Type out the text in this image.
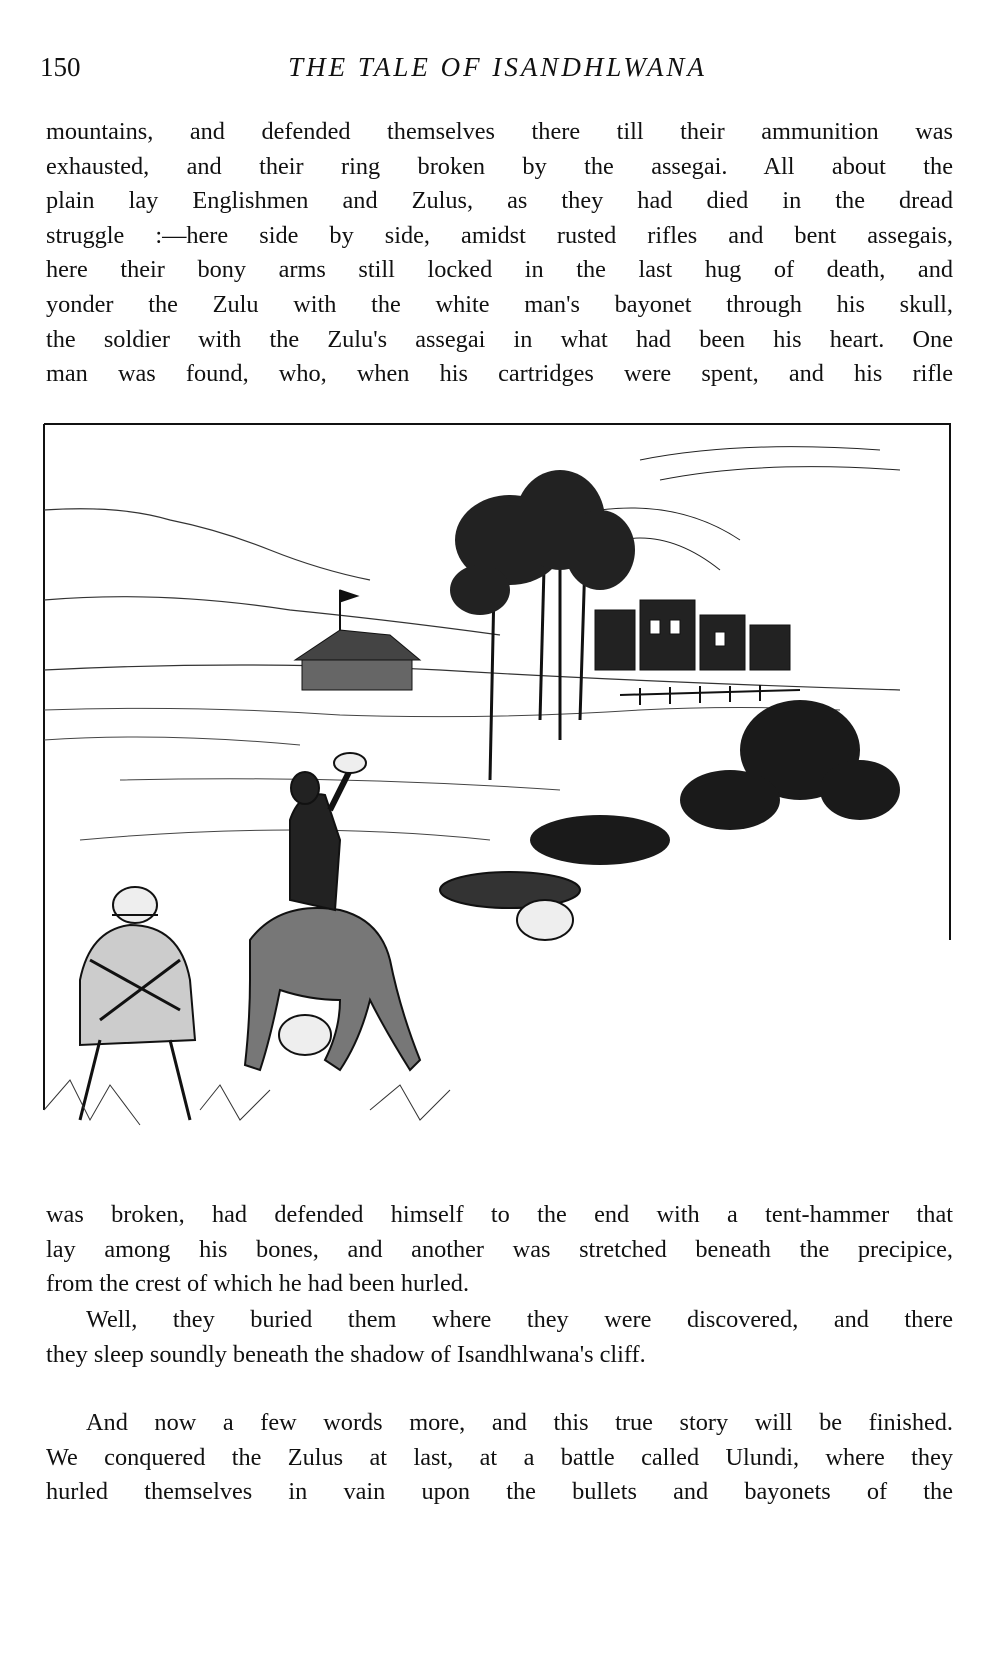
150	THE TALE OF ISANDHLWANA

mountains, and defended themselves there till their ammunition was
exhausted, and their ring broken by the assegai. All about the
plain lay Englishmen and Zulus, as they had died in the dread
struggle :—here side by side, amidst rusted rifles and bent assegais,
here their bony arms still locked in the last hug of death, and
yonder the Zulu with the white man's bayonet through his skull,
the soldier with the Zulu's assegai in what had been his heart. One
man was found, who, when his cartridges were spent, and his rifle

was broken, had defended himself to the end with a tent-hammer that
lay among his bones, and another was stretched beneath the precipice,
from the crest of which he had been hurled.

Well, they buried them where they were discovered, and there
they sleep soundly beneath the shadow of Isandhlwana's cliff.

And now a few words more, and this true story will be finished.
We conquered the Zulus at last, at a battle called Ulundi, where they
hurled themselves in vain upon the bullets and bayonets of the
